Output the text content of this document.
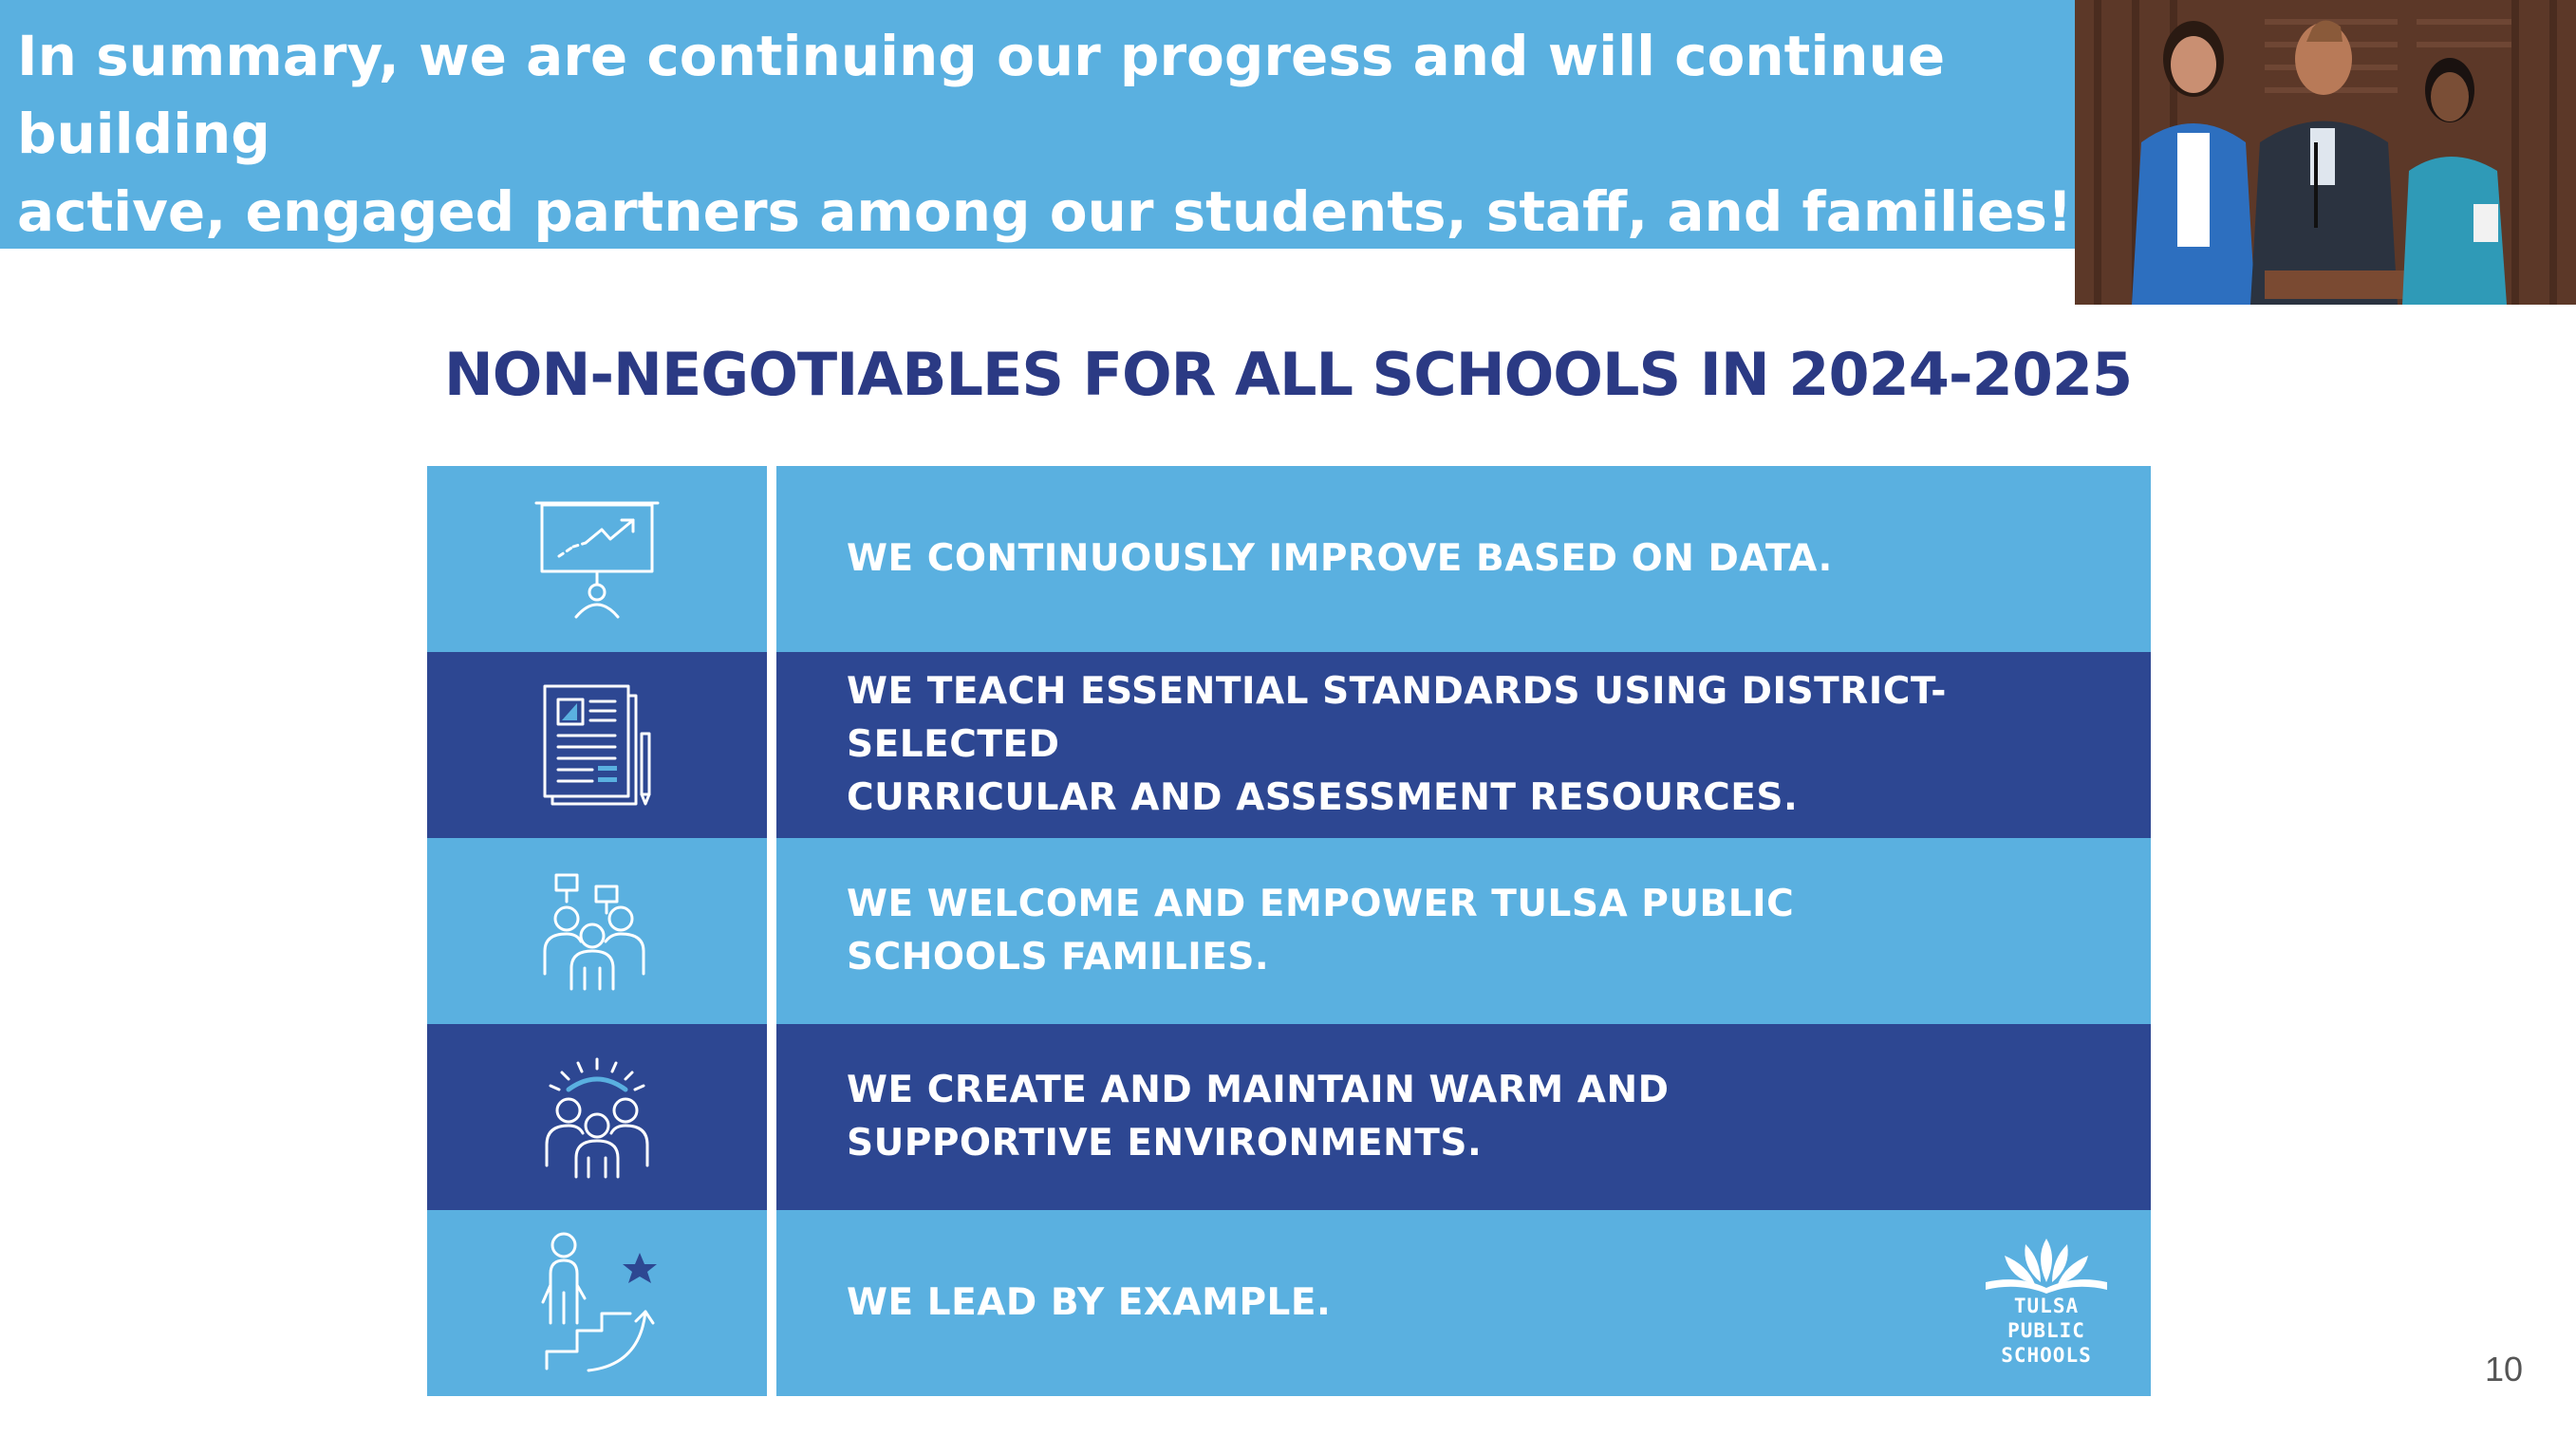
In summary, we are continuing our progress and will continue building
active, engaged partners among our students, staff, and families!
NON-NEGOTIABLES FOR ALL SCHOOLS IN 2024-2025
WE CONTINUOUSLY IMPROVE BASED ON DATA.
WE TEACH ESSENTIAL STANDARDS USING DISTRICT-SELECTED
CURRICULAR AND ASSESSMENT RESOURCES.
WE WELCOME AND EMPOWER TULSA PUBLIC
SCHOOLS FAMILIES.
WE CREATE AND MAINTAIN WARM AND
SUPPORTIVE ENVIRONMENTS.
WE LEAD BY EXAMPLE.	TULSA PUBLIC
SCHOOLS	10
